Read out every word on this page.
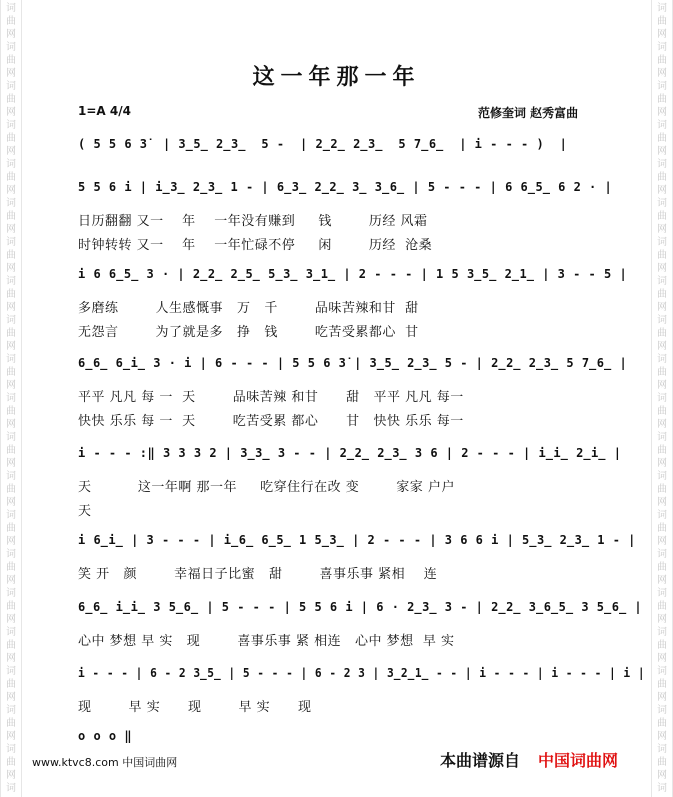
词
曲
网
词
曲
网
词
曲
网
词
曲
网
词
曲
网
词
曲
网
词
曲
网
词
曲
网
词
曲
网
词
曲
网
词
曲
网
词
曲
网
词
曲
网
词
曲
网
词
曲
网
词
曲
网
词
曲
网
词
曲
网
词
曲
网
词
曲
网
词
词
曲
网
词
曲
网
词
曲
网
词
曲
网
词
曲
网
词
曲
网
词
曲
网
词
曲
网
词
曲
网
词
曲
网
词
曲
网
词
曲
网
词
曲
网
词
曲
网
词
曲
网
词
曲
网
词
曲
网
词
曲
网
词
曲
网
词
曲
网
词
这一年那一年
1=A 4/4	范修奎词 赵秀富曲
( 5 5 6 3̇  | 3̲5̲ 2̲3̲  5 -  | 2̲2̲ 2̲3̲  5 7̲6̲  | i - - - )  |
5 5 6 i | i̲3̲ 2̲3̲ 1 - | 6̲3̲ 2̲2̲ 3̲ 3̲6̲ | 5 - - - | 6 6̲5̲ 6 2 · |
日历翻翻 又一    年    一年没有赚到     钱        历经 风霜
时钟转转 又一    年    一年忙碌不停     闲        历经  沧桑
i 6 6̲5̲ 3 · | 2̲2̲ 2̲5̲ 5̲3̲ 3̲1̲ | 2 - - - | 1 5 3̲5̲ 2̲1̲ | 3 - - 5 |
多磨练        人生感慨事   万   千        品味苦辣和甘  甜
无怨言        为了就是多   挣   钱        吃苦受累都心  甘
6̲6̲ 6̲i̲ 3 · i | 6 - - - | 5 5 6 3̇ | 3̲5̲ 2̲3̲ 5 - | 2̲2̲ 2̲3̲ 5 7̲6̲ |
平平 凡凡 每 一  天        品味苦辣 和甘      甜   平平 凡凡 每一
快快 乐乐 每 一  天        吃苦受累 都心      甘   快快 乐乐 每一
i - - - :‖ 3 3 3 2 | 3̲3̲ 3 - - | 2̲2̲ 2̲3̲ 3 6 | 2 - - - | i̲i̲ 2̲i̲ |
天          这一年啊 那一年     吃穿住行在改 变        家家 户户
天
i 6̲i̲ | 3 - - - | i̲6̲ 6̲5̲ 1 5̲3̲ | 2 - - - | 3 6 6 i | 5̲3̲ 2̲3̲ 1 - |
笑 开   颜        幸福日子比蜜   甜        喜事乐事 紧相    连
6̲6̲ i̲i̲ 3 5̲6̲ | 5 - - - | 5 5 6 i | 6 · 2̲3̲ 3 - | 2̲2̲ 3̲6̲5̲ 3 5̲6̲ |
心中 梦想 早 实   现        喜事乐事 紧 相连   心中 梦想  早 实
i - - - | 6 - 2 3̲5̲ | 5 - - - | 6 - 2 3 | 3̲2̲1̲ - - | i - - - | i - - - | i |
现        早 实      现        早 实      现
o o o ‖
www.ktvc8.com 中国词曲网	本曲谱源自 中国词曲网
